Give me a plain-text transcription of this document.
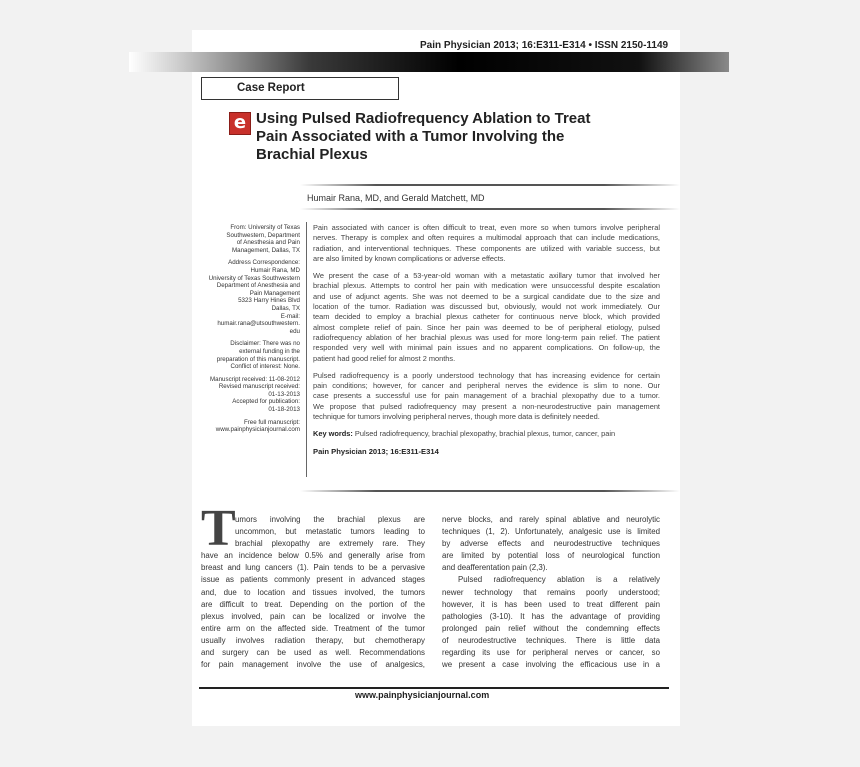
Pain Physician 2013; 16:E311-E314 • ISSN 2150-1149
Case Report
e Using Pulsed Radiofrequency Ablation to Treat
Pain Associated with a Tumor Involving the
Brachial Plexus
Humair Rana, MD, and Gerald Matchett, MD
From: University of Texas
Southwestern, Department
of Anesthesia and Pain
Management, Dallas, TX
Address Correspondence:
Humair Rana, MD
University of Texas Southwestern
Department of Anesthesia and
Pain Management
5323 Harry Hines Blvd
Dallas, TX
E-mail:
humair.rana@utsouthwestern.
edu
Disclaimer: There was no
external funding in the
preparation of this manuscript.
Conflict of interest: None.
Manuscript received: 11-08-2012
Revised manuscript received:
01-13-2013
Accepted for publication:
01-18-2013
Free full manuscript:
www.painphysicianjournal.com

Pain associated with cancer is often difficult to treat, even more so when tumors involve peripheral
nerves. Therapy is complex and often requires a multimodal approach that can include medications,
radiation, and interventional techniques. These components are utilized with variable success, but
are also limited by known complications or adverse effects.

We present the case of a 53-year-old woman with a metastatic axillary tumor that involved her
brachial plexus. Attempts to control her pain with medication were unsuccessful despite escalation
and use of adjunct agents. She was not deemed to be a surgical candidate due to the size and
location of the tumor. Radiation was discussed but, obviously, would not work immediately. Our
team decided to employ a brachial plexus catheter for continuous nerve block, which provided
almost complete relief of pain. Since her pain was deemed to be of peripheral etiology, pulsed
radiofrequency ablation of her brachial plexus was used for more long-term pain relief. The patient
responded very well with minimal pain issues and no apparent complications. On follow-up, the
patient had good relief for almost 2 months.

Pulsed radiofrequency is a poorly understood technology that has increasing evidence for certain
pain conditions; however, for cancer and peripheral nerves the evidence is slim to none. Our
case presents a successful use for pain management of a brachial plexopathy due to a tumor.
We propose that pulsed radiofrequency may present a non-neurodestructive pain management
technique for tumors involving peripheral nerves, though more data is definitely needed.

Key words: Pulsed radiofrequency, brachial plexopathy, brachial plexus, tumor, cancer, pain

Pain Physician 2013; 16:E311-E314

T umors involving the brachial plexus are
uncommon, but metastatic tumors leading to
brachial plexopathy are extremely rare. They
have an incidence below 0.5% and generally arise from
breast and lung cancers (1). Pain tends to be a pervasive
issue as patients commonly present in advanced stages
and, due to location and tissues involved, the tumors
are difficult to treat. Depending on the portion of the
plexus involved, pain can be localized or involve the
entire arm on the affected side. Treatment of the tumor
usually involves radiation therapy, but chemotherapy
and surgery can be used as well. Recommendations
for pain management involve the use of analgesics,
nerve blocks, and rarely spinal ablative and neurolytic
techniques (1, 2). Unfortunately, analgesic use is limited
by adverse effects and neurodestructive techniques
are limited by potential loss of neurological function
and deafferentation pain (2,3).
Pulsed radiofrequency ablation is a relatively
newer technology that remains poorly understood;
however, it is has been used to treat different pain
pathologies (3-10). It has the advantage of providing
prolonged pain relief without the condemning effects
of neurodestructive techniques. There is little data
regarding its use for peripheral nerves or cancer, so
we present a case involving the efficacious use in a
www.painphysicianjournal.com
